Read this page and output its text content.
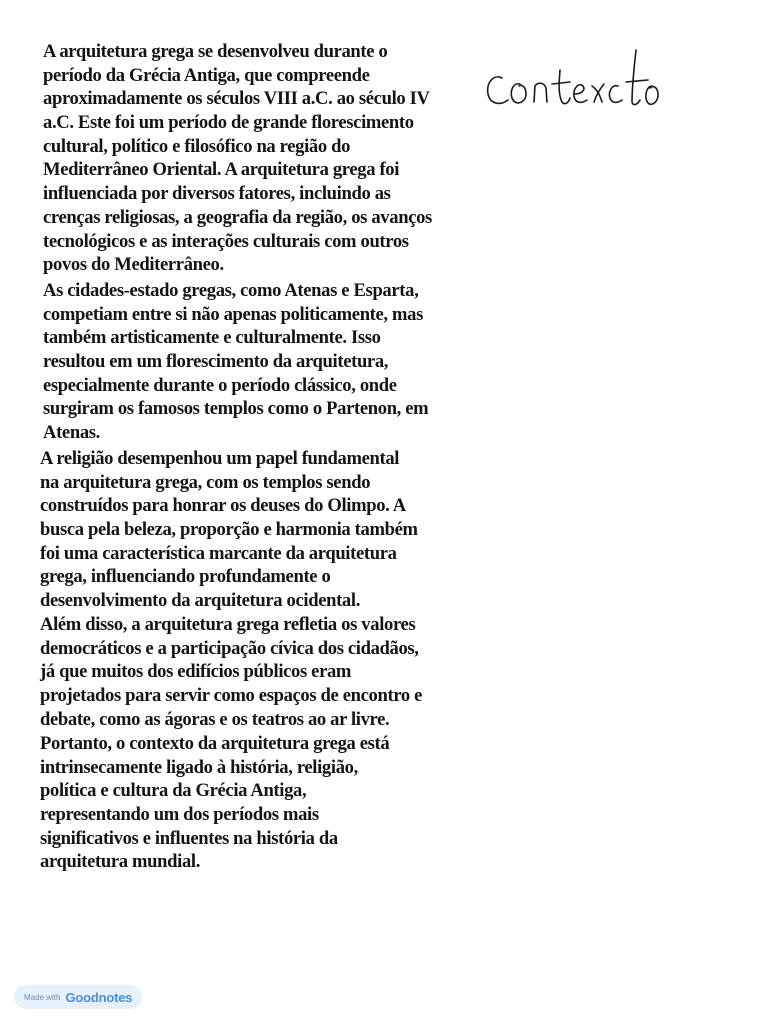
A arquitetura grega se desenvolveu durante o
período da Grécia Antiga, que compreende
aproximadamente os séculos VIII a.C. ao século IV
a.C. Este foi um período de grande florescimento
cultural, político e filosófico na região do
Mediterrâneo Oriental. A arquitetura grega foi
influenciada por diversos fatores, incluindo as
crenças religiosas, a geografia da região, os avanços
tecnológicos e as interações culturais com outros
povos do Mediterrâneo.
As cidades-estado gregas, como Atenas e Esparta,
competiam entre si não apenas politicamente, mas
também artisticamente e culturalmente. Isso
resultou em um florescimento da arquitetura,
especialmente durante o período clássico, onde
surgiram os famosos templos como o Partenon, em
Atenas.
A religião desempenhou um papel fundamental
na arquitetura grega, com os templos sendo
construídos para honrar os deuses do Olimpo. A
busca pela beleza, proporção e harmonia também
foi uma característica marcante da arquitetura
grega, influenciando profundamente o
desenvolvimento da arquitetura ocidental.
Além disso, a arquitetura grega refletia os valores
democráticos e a participação cívica dos cidadãos,
já que muitos dos edifícios públicos eram
projetados para servir como espaços de encontro e
debate, como as ágoras e os teatros ao ar livre.
Portanto, o contexto da arquitetura grega está
intrinsecamente ligado à história, religião,
política e cultura da Grécia Antiga,
representando um dos períodos mais
significativos e influentes na história da
arquitetura mundial.
Made with Goodnotes
